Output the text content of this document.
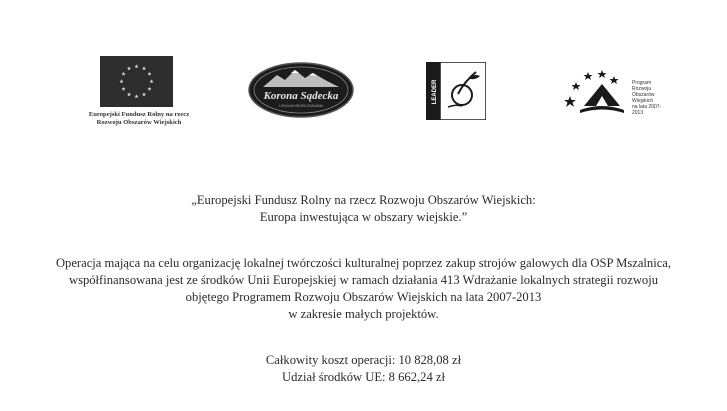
Europejski Fundusz Rolny na rzecz
Rozwoju Obszarów Wiejskich
Korona Sądecka
LOKALNA GRUPA DZIAŁANIA
LEADER	Program
Rozwoju
Obszarów
Wiejskich
na lata 2007-2013
„Europejski Fundusz Rolny na rzecz Rozwoju Obszarów Wiejskich:
Europa inwestująca w obszary wiejskie.”
Operacja mająca na celu organizację lokalnej twórczości kulturalnej poprzez zakup strojów galowych dla OSP Mszalnica,
współfinansowana jest ze środków Unii Europejskiej w ramach działania 413 Wdrażanie lokalnych strategii rozwoju
objętego Programem Rozwoju Obszarów Wiejskich na lata 2007-2013
w zakresie małych projektów.
Całkowity koszt operacji: 10 828,08 zł
Udział środków UE: 8 662,24 zł
